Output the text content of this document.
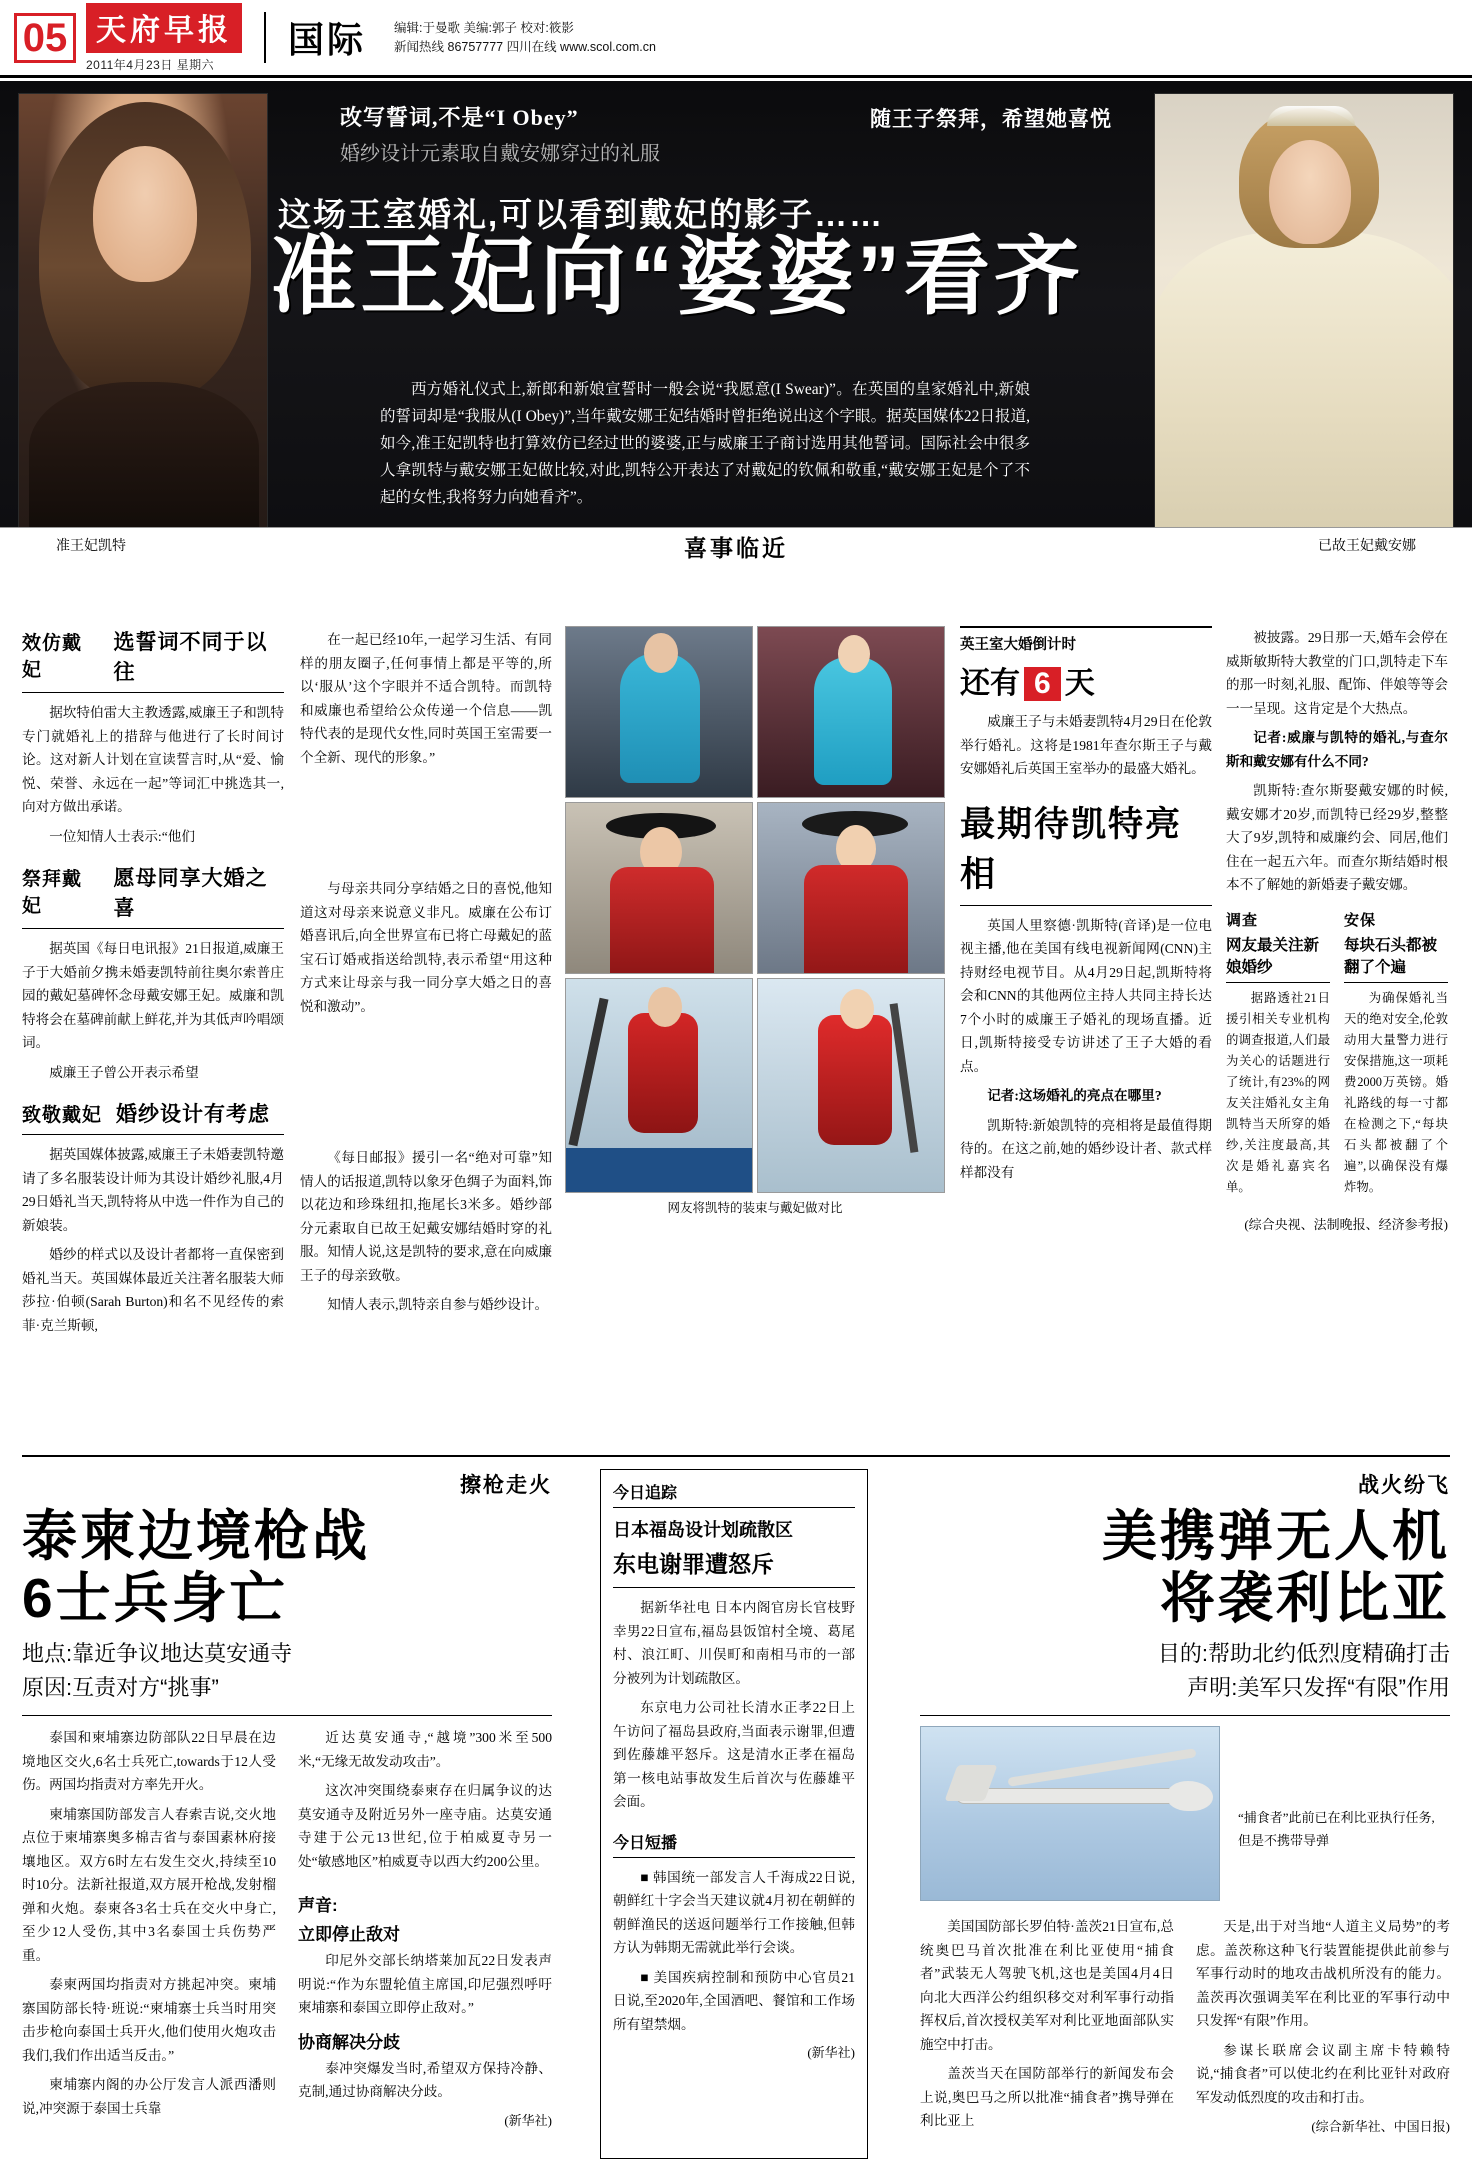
05 天府早报
2011年4月23日 星期六
国际 编辑:于曼歌 美编:郭子 校对:筱影
新闻热线 86757777 四川在线 www.scol.com.cn
改写誓词,不是“I Obey”
婚纱设计元素取自戴安娜穿过的礼服
随王子祭拜，希望她喜悦
这场王室婚礼,可以看到戴妃的影子……
准王妃向“婆婆”看齐
西方婚礼仪式上,新郎和新娘宣誓时一般会说“我愿意(I Swear)”。在英国的皇家婚礼中,新娘的誓词却是“我服从(I Obey)”,当年戴安娜王妃结婚时曾拒绝说出这个字眼。据英国媒体22日报道,如今,准王妃凯特也打算效仿已经过世的婆婆,正与威廉王子商讨选用其他誓词。国际社会中很多人拿凯特与戴安娜王妃做比较,对此,凯特公开表达了对戴妃的钦佩和敬重,“戴安娜王妃是个了不起的女性,我将努力向她看齐”。
准王妃凯特	喜事临近	已故王妃戴安娜
效仿戴妃
选誓词不同于以往

据坎特伯雷大主教透露,威廉王子和凯特专门就婚礼上的措辞与他进行了长时间讨论。这对新人计划在宣读誓言时,从“爱、愉悦、荣誉、永远在一起”等词汇中挑选其一,向对方做出承诺。

一位知情人士表示:“他们

祭拜戴妃
愿母同享大婚之喜

据英国《每日电讯报》21日报道,威廉王子于大婚前夕携未婚妻凯特前往奥尔索普庄园的戴妃墓碑怀念母戴安娜王妃。威廉和凯特将会在墓碑前献上鲜花,并为其低声吟唱颂词。

威廉王子曾公开表示希望

致敬戴妃 婚纱设计有考虑

据英国媒体披露,威廉王子未婚妻凯特邀请了多名服装设计师为其设计婚纱礼服,4月29日婚礼当天,凯特将从中选一件作为自己的新娘装。

婚纱的样式以及设计者都将一直保密到婚礼当天。英国媒体最近关注著名服装大师莎拉·伯顿(Sarah Burton)和名不见经传的索菲·克兰斯顿,

在一起已经10年,一起学习生活、有同样的朋友圈子,任何事情上都是平等的,所以‘服从’这个字眼并不适合凯特。而凯特和威廉也希望给公众传递一个信息——凯特代表的是现代女性,同时英国王室需要一个全新、现代的形象。”

与母亲共同分享结婚之日的喜悦,他知道这对母亲来说意义非凡。威廉在公布订婚喜讯后,向全世界宣布已将亡母戴妃的蓝宝石订婚戒指送给凯特,表示希望“用这种方式来让母亲与我一同分享大婚之日的喜悦和激动”。

《每日邮报》援引一名“绝对可靠”知情人的话报道,凯特以象牙色绸子为面料,饰以花边和珍珠纽扣,拖尾长3米多。婚纱部分元素取自已故王妃戴安娜结婚时穿的礼服。知情人说,这是凯特的要求,意在向威廉王子的母亲致敬。

知情人表示,凯特亲自参与婚纱设计。

网友将凯特的装束与戴妃做对比
英王室大婚倒计时
还有 6 天

威廉王子与未婚妻凯特4月29日在伦敦举行婚礼。这将是1981年查尔斯王子与戴安娜婚礼后英国王室举办的最盛大婚礼。

最期待凯特亮相

英国人里察德·凯斯特(音译)是一位电视主播,他在美国有线电视新闻网(CNN)主持财经电视节目。从4月29日起,凯斯特将会和CNN的其他两位主持人共同主持长达7个小时的威廉王子婚礼的现场直播。近日,凯斯特接受专访讲述了王子大婚的看点。

记者:这场婚礼的亮点在哪里?

凯斯特:新娘凯特的亮相将是最值得期待的。在这之前,她的婚纱设计者、款式样样都没有

被披露。29日那一天,婚车会停在威斯敏斯特大教堂的门口,凯特走下车的那一时刻,礼服、配饰、伴娘等等会一一呈现。这肯定是个大热点。

记者:威廉与凯特的婚礼,与查尔斯和戴安娜有什么不同?

凯斯特:查尔斯娶戴安娜的时候,戴安娜才20岁,而凯特已经29岁,整整大了9岁,凯特和威廉约会、同居,他们住在一起五六年。而查尔斯结婚时根本不了解她的新婚妻子戴安娜。

调查
网友最关注新娘婚纱

据路透社21日援引相关专业机构的调查报道,人们最为关心的话题进行了统计,有23%的网友关注婚礼女主角凯特当天所穿的婚纱,关注度最高,其次是婚礼嘉宾名单。

安保
每块石头都被翻了个遍

为确保婚礼当天的绝对安全,伦敦动用大量警力进行安保措施,这一项耗费2000万英镑。婚礼路线的每一寸都在检测之下,“每块石头都被翻了个遍”,以确保没有爆炸物。

(综合央视、法制晚报、经济参考报)
擦枪走火
泰柬边境枪战
6士兵身亡
地点:靠近争议地达莫安通寺
原因:互责对方“挑事”

泰国和柬埔寨边防部队22日早晨在边境地区交火,6名士兵死亡,towards于12人受伤。两国均指责对方率先开火。

柬埔寨国防部发言人春索吉说,交火地点位于柬埔寨奥多棉吉省与泰国素林府接壤地区。双方6时左右发生交火,持续至10时10分。法新社报道,双方展开枪战,发射榴弹和火炮。泰柬各3名士兵在交火中身亡,至少12人受伤,其中3名泰国士兵伤势严重。

泰柬两国均指责对方挑起冲突。柬埔寨国防部长特·班说:“柬埔寨士兵当时用突击步枪向泰国士兵开火,他们使用火炮攻击我们,我们作出适当反击。”

柬埔寨内阁的办公厅发言人派西潘则说,冲突源于泰国士兵靠

近达莫安通寺,“越境”300米至500米,“无缘无故发动攻击”。

这次冲突围绕泰柬存在归属争议的达莫安通寺及附近另外一座寺庙。达莫安通寺建于公元13世纪,位于柏威夏寺另一处“敏感地区”柏威夏寺以西大约200公里。

声音:
立即停止敌对

印尼外交部长纳塔莱加瓦22日发表声明说:“作为东盟轮值主席国,印尼强烈呼吁柬埔寨和泰国立即停止敌对。”

协商解决分歧

泰冲突爆发当时,希望双方保持冷静、克制,通过协商解决分歧。

(新华社)
今日追踪
日本福岛设计划疏散区
东电谢罪遭怒斥

据新华社电 日本内阁官房长官枝野幸男22日宣布,福岛县饭馆村全境、葛尾村、浪江町、川俣町和南相马市的一部分被列为计划疏散区。

东京电力公司社长清水正孝22日上午访问了福岛县政府,当面表示谢罪,但遭到佐藤雄平怒斥。这是清水正孝在福岛第一核电站事故发生后首次与佐藤雄平会面。

今日短播

■ 韩国统一部发言人千海成22日说,朝鲜红十字会当天建议就4月初在朝鲜的朝鲜渔民的送返问题举行工作接触,但韩方认为韩期无需就此举行会谈。

■ 美国疾病控制和预防中心官员21日说,至2020年,全国酒吧、餐馆和工作场所有望禁烟。

(新华社)
战火纷飞
美携弹无人机
将袭利比亚
目的:帮助北约低烈度精确打击
声明:美军只发挥“有限”作用
“捕食者”此前已在利比亚执行任务,但是不携带导弹

美国国防部长罗伯特·盖茨21日宣布,总统奥巴马首次批准在利比亚使用“捕食者”武装无人驾驶飞机,这也是美国4月4日向北大西洋公约组织移交对利军事行动指挥权后,首次授权美军对利比亚地面部队实施空中打击。

盖茨当天在国防部举行的新闻发布会上说,奥巴马之所以批准“捕食者”携导弹在利比亚上

天是,出于对当地“人道主义局势”的考虑。盖茨称这种飞行装置能提供此前参与军事行动时的地攻击战机所没有的能力。盖茨再次强调美军在利比亚的军事行动中只发挥“有限”作用。

参谋长联席会议副主席卡特赖特说,“捕食者”可以使北约在利比亚针对政府军发动低烈度的攻击和打击。

(综合新华社、中国日报)
